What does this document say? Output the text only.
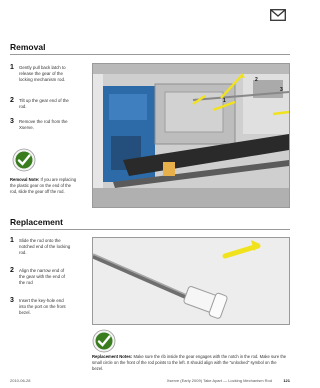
Removal
1 Gently pull back latch to release the gear of the locking mechanism rod.
2 Tilt up the gear end of the rod.
3 Remove the rod from the Xserve.
Removal Note: If you are replacing the plastic gear on the end of the rod, slide the gear off the rod.
1
2
3
Replacement
1 Slide the rod onto the notched end of the locking rod.
2 Align the narrow end of the gear with the end of the rod
3 Insert the key-hole end into the port on the front bezel.
Replacement Notes: Make sure the rib inside the gear engages with the notch in the rod. Make sure the small circle on the front of the rod points to the left. It should align with the "unlocked" symbol on the bezel.
2010-06-28	Xserve (Early 2009) Take Apart — Locking Mechanism Rod	121
